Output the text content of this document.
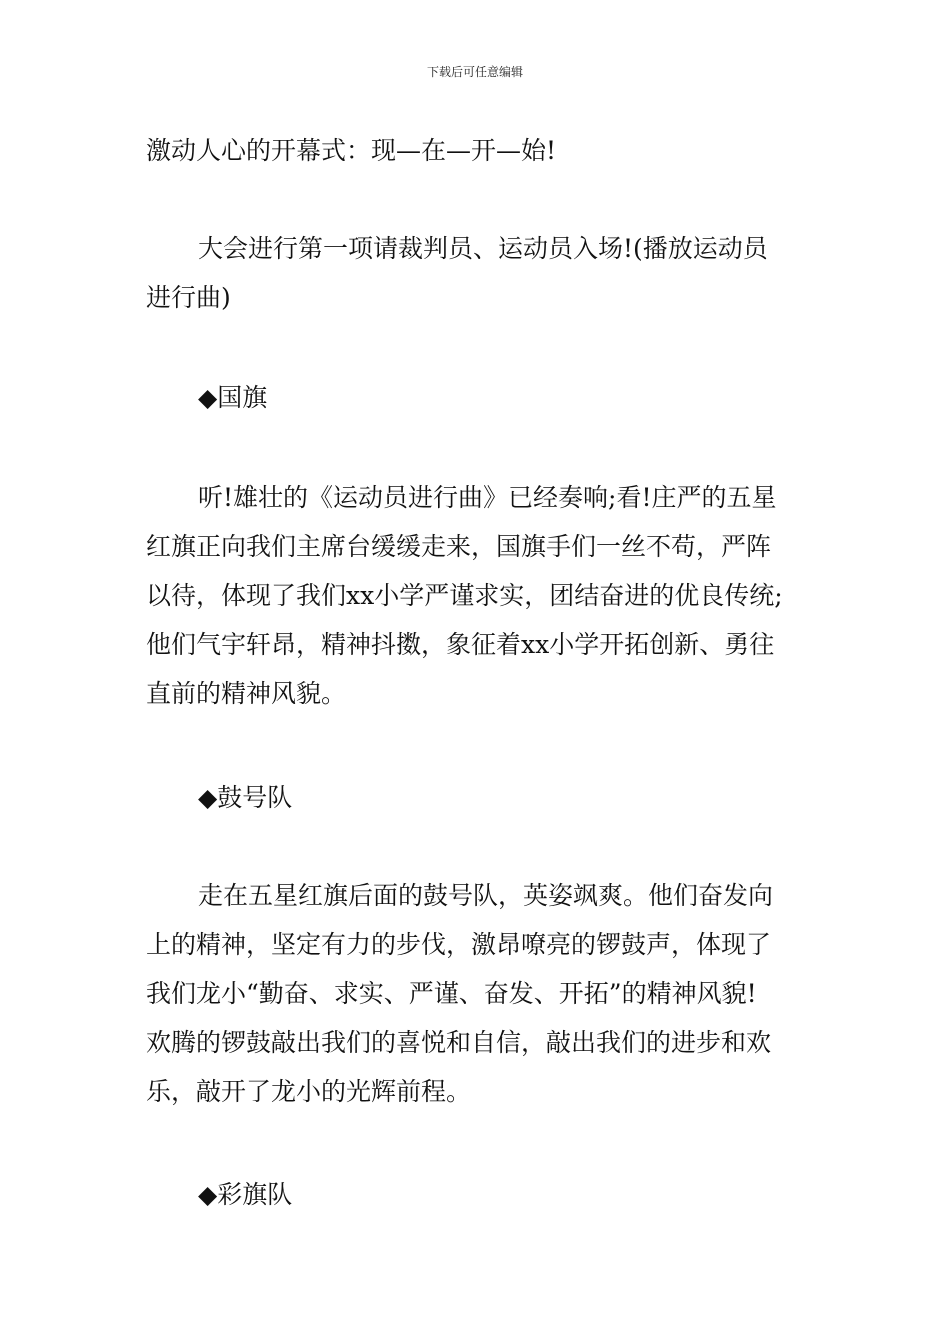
下载后可任意编辑
激动人心的开幕式：现—在—开—始!
大会进行第一项请裁判员、运动员入场!(播放运动员
进行曲)
◆国旗
听!雄壮的《运动员进行曲》已经奏响;看!庄严的五星
红旗正向我们主席台缓缓走来，国旗手们一丝不苟，严阵
以待，体现了我们xx小学严谨求实，团结奋进的优良传统;
他们气宇轩昂，精神抖擞，象征着xx小学开拓创新、勇往
直前的精神风貌。
◆鼓号队
走在五星红旗后面的鼓号队，英姿飒爽。他们奋发向
上的精神，坚定有力的步伐，激昂嘹亮的锣鼓声，体现了
我们龙小“勤奋、求实、严谨、奋发、开拓”的精神风貌!
欢腾的锣鼓敲出我们的喜悦和自信，敲出我们的进步和欢
乐，敲开了龙小的光辉前程。
◆彩旗队
